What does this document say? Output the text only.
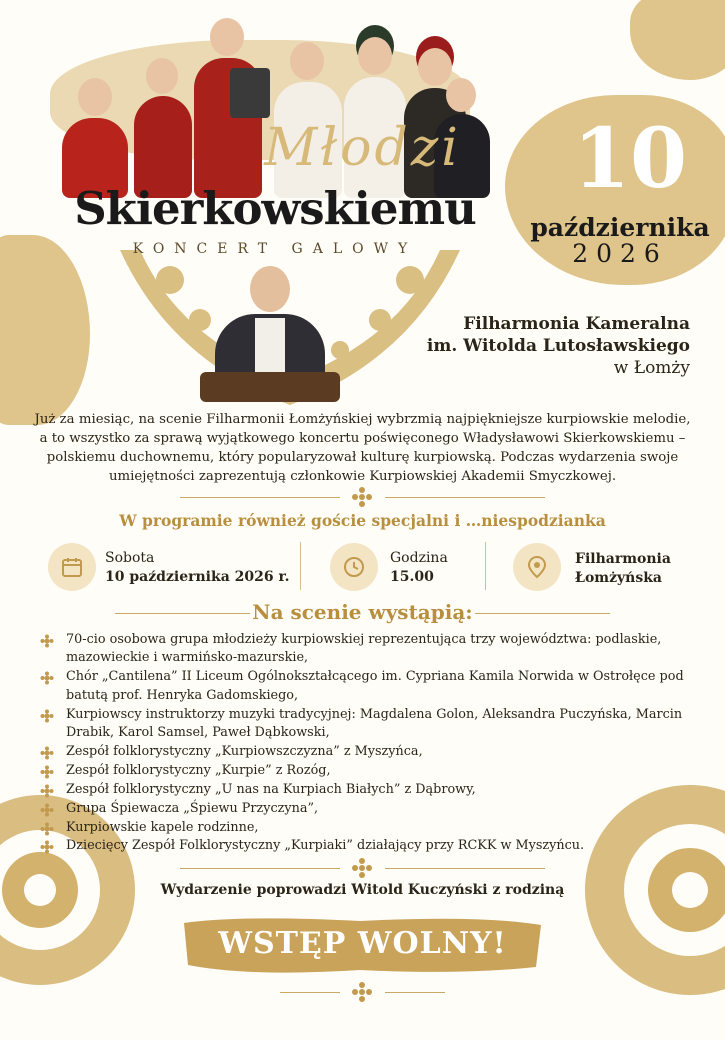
Młodzi
Skierkowskiemu
KONCERT GALOWY
10
października
2026
Filharmonia Kameralna
im. Witolda Lutosławskiego
w Łomży
Już za miesiąc, na scenie Filharmonii Łomżyńskiej wybrzmią najpiękniejsze kurpiowskie melodie, a to wszystko za sprawą wyjątkowego koncertu poświęconego Władysławowi Skierkowskiemu – polskiemu duchownemu, który popularyzował kulturę kurpiowską. Podczas wydarzenia swoje umiejętności zaprezentują członkowie Kurpiowskiej Akademii Smyczkowej.
W programie również goście specjalni i …niespodzianka
Sobota
10 października 2026 r.
Godzina
15.00
Filharmonia
Łomżyńska
Na scenie wystąpią:
70-cio osobowa grupa młodzieży kurpiowskiej reprezentująca trzy województwa: podlaskie, mazowieckie i warmińsko-mazurskie,
Chór „Cantilena” II Liceum Ogólnokształcącego im. Cypriana Kamila Norwida w Ostrołęce pod batutą prof. Henryka Gadomskiego,
Kurpiowscy instruktorzy muzyki tradycyjnej: Magdalena Golon, Aleksandra Puczyńska, Marcin Drabik, Karol Samsel, Paweł Dąbkowski,
Zespół folklorystyczny „Kurpiowszczyzna” z Myszyńca,
Zespół folklorystyczny „Kurpie” z Rozóg,
Zespół folklorystyczny „U nas na Kurpiach Białych” z Dąbrowy,
Grupa Śpiewacza „Śpiewu Przyczyna”,
Kurpiowskie kapele rodzinne,
Dziecięcy Zespół Folklorystyczny „Kurpiaki” działający przy RCKK w Myszyńcu.
Wydarzenie poprowadzi Witold Kuczyński z rodziną
WSTĘP WOLNY!
